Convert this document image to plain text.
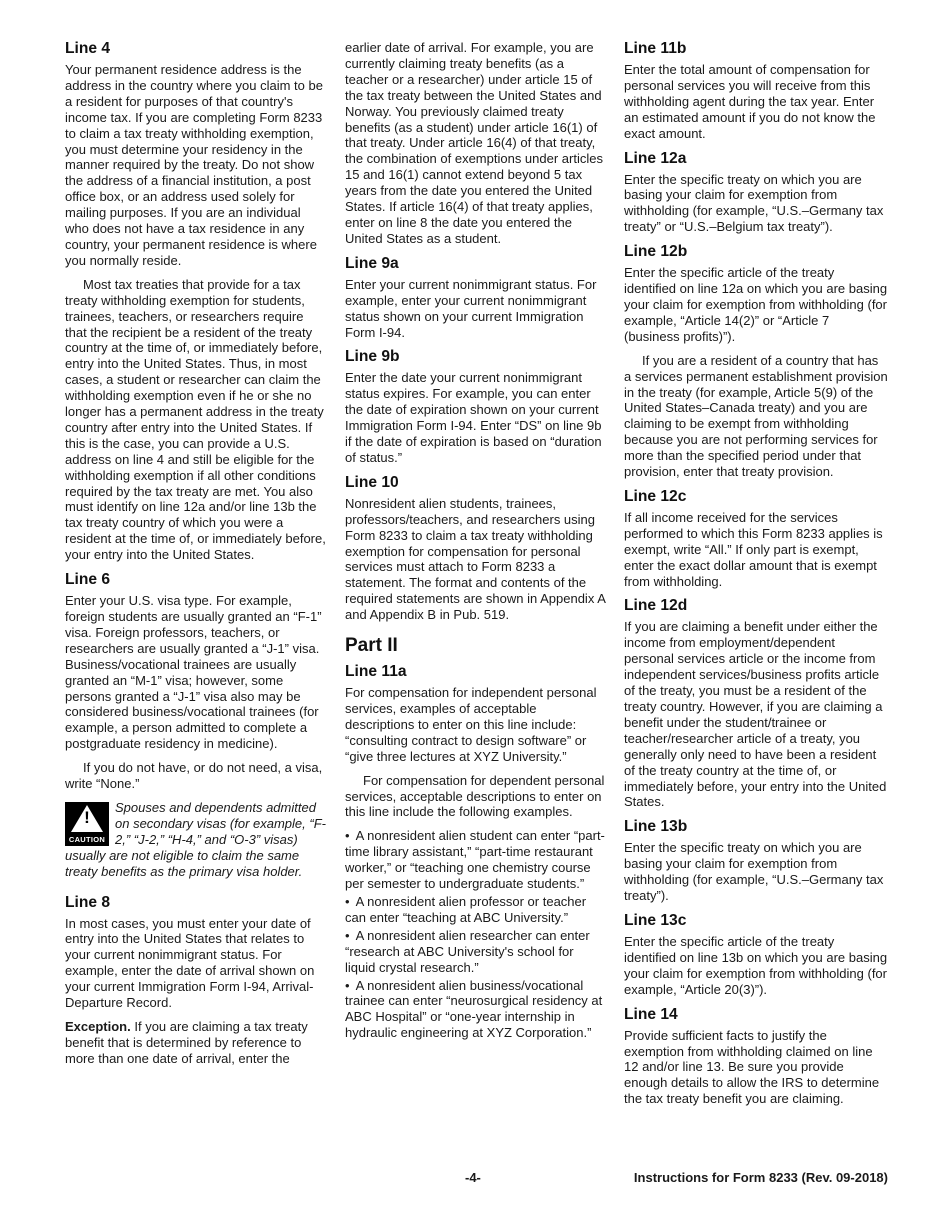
Line 4

Your permanent residence address is the address in the country where you claim to be a resident for purposes of that country's income tax. If you are completing Form 8233 to claim a tax treaty withholding exemption, you must determine your residency in the manner required by the treaty. Do not show the address of a financial institution, a post office box, or an address used solely for mailing purposes. If you are an individual who does not have a tax residence in any country, your permanent residence is where you normally reside.

Most tax treaties that provide for a tax treaty withholding exemption for students, trainees, teachers, or researchers require that the recipient be a resident of the treaty country at the time of, or immediately before, entry into the United States. Thus, in most cases, a student or researcher can claim the withholding exemption even if he or she no longer has a permanent address in the treaty country after entry into the United States. If this is the case, you can provide a U.S. address on line 4 and still be eligible for the withholding exemption if all other conditions required by the tax treaty are met. You also must identify on line 12a and/or line 13b the tax treaty country of which you were a resident at the time of, or immediately before, your entry into the United States.

Line 6

Enter your U.S. visa type. For example, foreign students are usually granted an “F-1” visa. Foreign professors, teachers, or researchers are usually granted a “J-1” visa. Business/vocational trainees are usually granted an “M-1” visa; however, some persons granted a “J-1” visa also may be considered business/vocational trainees (for example, a person admitted to complete a postgraduate residency in medicine).

If you do not have, or do not need, a visa, write “None.”

!
CAUTION

Spouses and dependents admitted on secondary visas (for example, “F-2,” “J-2,” “H-4,” and “O-3” visas) usually are not eligible to claim the same treaty benefits as the primary visa holder.

Line 8

In most cases, you must enter your date of entry into the United States that relates to your current nonimmigrant status. For example, enter the date of arrival shown on your current Immigration Form I-94, Arrival-Departure Record.

Exception. If you are claiming a tax treaty benefit that is determined by reference to more than one date of arrival, enter the

earlier date of arrival. For example, you are currently claiming treaty benefits (as a teacher or a researcher) under article 15 of the tax treaty between the United States and Norway. You previously claimed treaty benefits (as a student) under article 16(1) of that treaty. Under article 16(4) of that treaty, the combination of exemptions under articles 15 and 16(1) cannot extend beyond 5 tax years from the date you entered the United States. If article 16(4) of that treaty applies, enter on line 8 the date you entered the United States as a student.

Line 9a

Enter your current nonimmigrant status. For example, enter your current nonimmigrant status shown on your current Immigration Form I-94.

Line 9b

Enter the date your current nonimmigrant status expires. For example, you can enter the date of expiration shown on your current Immigration Form I-94. Enter “DS” on line 9b if the date of expiration is based on “duration of status.”

Line 10

Nonresident alien students, trainees, professors/teachers, and researchers using Form 8233 to claim a tax treaty withholding exemption for compensation for personal services must attach to Form 8233 a statement. The format and contents of the required statements are shown in Appendix A and Appendix B in Pub. 519.

Part II
Line 11a

For compensation for independent personal services, examples of acceptable descriptions to enter on this line include: “consulting contract to design software” or “give three lectures at XYZ University.”

For compensation for dependent personal services, acceptable descriptions to enter on this line include the following examples.

• A nonresident alien student can enter “part-time library assistant,” “part-time restaurant worker,” or “teaching one chemistry course per semester to undergraduate students.”
• A nonresident alien professor or teacher can enter “teaching at ABC University.”
• A nonresident alien researcher can enter “research at ABC University's school for liquid crystal research.”
• A nonresident alien business/vocational trainee can enter “neurosurgical residency at ABC Hospital” or “one-year internship in hydraulic engineering at XYZ Corporation.”
Line 11b

Enter the total amount of compensation for personal services you will receive from this withholding agent during the tax year. Enter an estimated amount if you do not know the exact amount.

Line 12a

Enter the specific treaty on which you are basing your claim for exemption from withholding (for example, “U.S.–Germany tax treaty” or “U.S.–Belgium tax treaty”).

Line 12b

Enter the specific article of the treaty identified on line 12a on which you are basing your claim for exemption from withholding (for example, “Article 14(2)” or “Article 7 (business profits)”).

If you are a resident of a country that has a services permanent establishment provision in the treaty (for example, Article 5(9) of the United States–Canada treaty) and you are claiming to be exempt from withholding because you are not performing services for more than the specified period under that provision, enter that treaty provision.

Line 12c

If all income received for the services performed to which this Form 8233 applies is exempt, write “All.” If only part is exempt, enter the exact dollar amount that is exempt from withholding.

Line 12d

If you are claiming a benefit under either the income from employment/dependent personal services article or the income from independent services/business profits article of the treaty, you must be a resident of the treaty country. However, if you are claiming a benefit under the student/trainee or teacher/researcher article of a treaty, you generally only need to have been a resident of the treaty country at the time of, or immediately before, your entry into the United States.

Line 13b

Enter the specific treaty on which you are basing your claim for exemption from withholding (for example, “U.S.–Germany tax treaty”).

Line 13c

Enter the specific article of the treaty identified on line 13b on which you are basing your claim for exemption from withholding (for example, “Article 20(3)”).

Line 14

Provide sufficient facts to justify the exemption from withholding claimed on line 12 and/or line 13. Be sure you provide enough details to allow the IRS to determine the tax treaty benefit you are claiming.

-4-	Instructions for Form 8233 (Rev. 09-2018)
